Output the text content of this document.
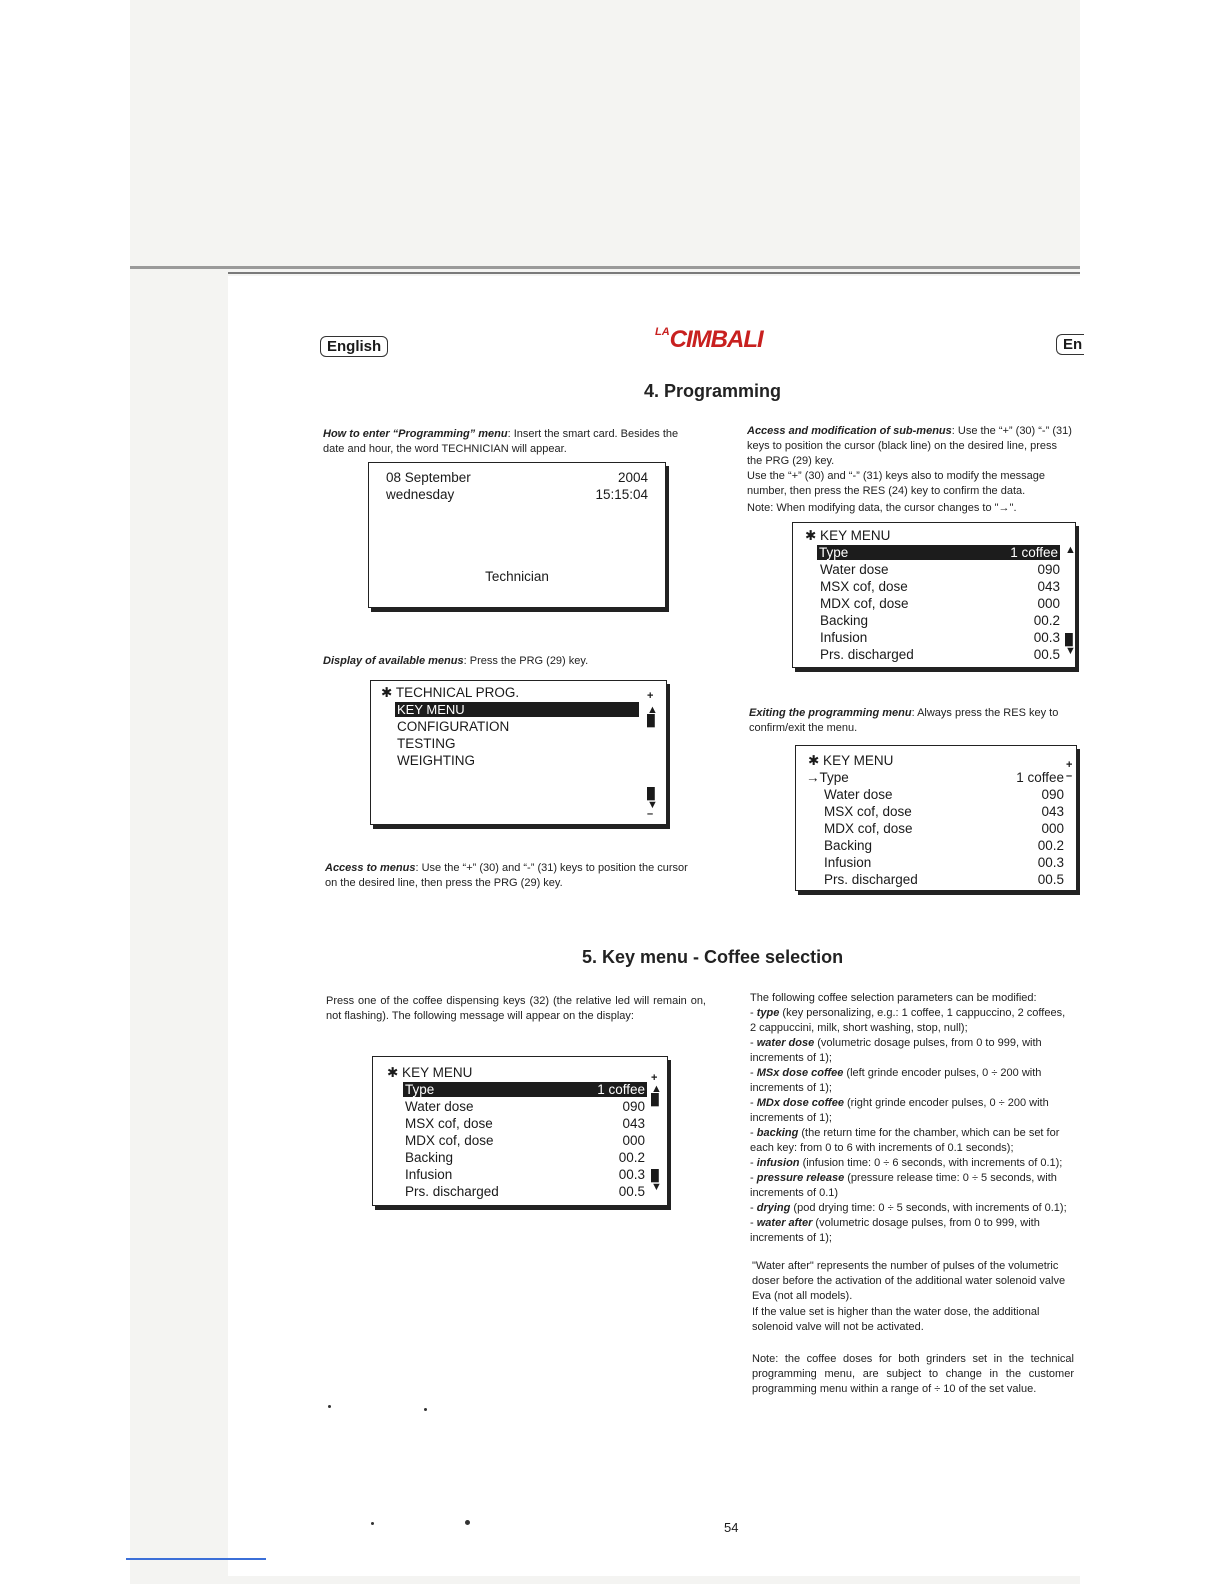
English	En
$^{LA}$CIMBALI
4. Programming

How to enter “Programming” menu: Insert the smart card. Besides the date and hour, the word TECHNICIAN will appear.

08 September	2004
wednesday	15:15:04
Technician

Display of available menus: Press the PRG (29) key.

✱ TECHNICAL PROG.
KEY MENU
CONFIGURATION
TESTING
WEIGHTING
+
▲
█
█
▼
–

Access to menus: Use the “+” (30) and “-” (31) keys to position the cursor on the desired line, then press the PRG (29) key.

Access and modification of sub-menus: Use the “+” (30) “-” (31) keys to position the cursor (black line) on the desired line, press the PRG (29) key.

Use the “+” (30) and “-” (31) keys also to modify the message number, then press the RES (24) key to confirm the data.

Note: When modifying data, the cursor changes to "→".

✱ KEY MENU
Type	1 coffee
Water dose	090
MSX cof, dose	043
MDX cof, dose	000
Backing	00.2
Infusion	00.3
Prs. discharged	00.5
▲
█
▼

Exiting the programming menu: Always press the RES key to confirm/exit the menu.

✱ KEY MENU
→Type	1 coffee
Water dose	090
MSX cof, dose	043
MDX cof, dose	000
Backing	00.2
Infusion	00.3
Prs. discharged	00.5
+
–
5. Key menu - Coffee selection

Press one of the coffee dispensing keys (32) (the relative led will remain on, not flashing). The following message will appear on the display:

✱ KEY MENU
Type	1 coffee
Water dose	090
MSX cof, dose	043
MDX cof, dose	000
Backing	00.2
Infusion	00.3
Prs. discharged	00.5
+
▲
█
█
▼

The following coffee selection parameters can be modified:

- type (key personalizing, e.g.: 1 coffee, 1 cappuccino, 2 coffees, 2 cappuccini, milk, short washing, stop, null);
- water dose (volumetric dosage pulses, from 0 to 999, with increments of 1);
- MSx dose coffee (left grinde encoder pulses, 0 ÷ 200 with increments of 1);
- MDx dose coffee (right grinde encoder pulses, 0 ÷ 200 with increments of 1);
- backing (the return time for the chamber, which can be set for each key: from 0 to 6 with increments of 0.1 seconds);
- infusion (infusion time: 0 ÷ 6 seconds, with increments of 0.1);
- pressure release (pressure release time: 0 ÷ 5 seconds, with increments of 0.1)
- drying (pod drying time: 0 ÷ 5 seconds, with increments of 0.1);
- water after (volumetric dosage pulses, from 0 to 999, with increments of 1);

"Water after" represents the number of pulses of the volumetric doser before the activation of the additional water solenoid valve Eva (not all models).

If the value set is higher than the water dose, the additional solenoid valve will not be activated.

Note: the coffee doses for both grinders set in the technical programming menu, are subject to change in the customer programming menu within a range of ÷ 10 of the set value.

54
